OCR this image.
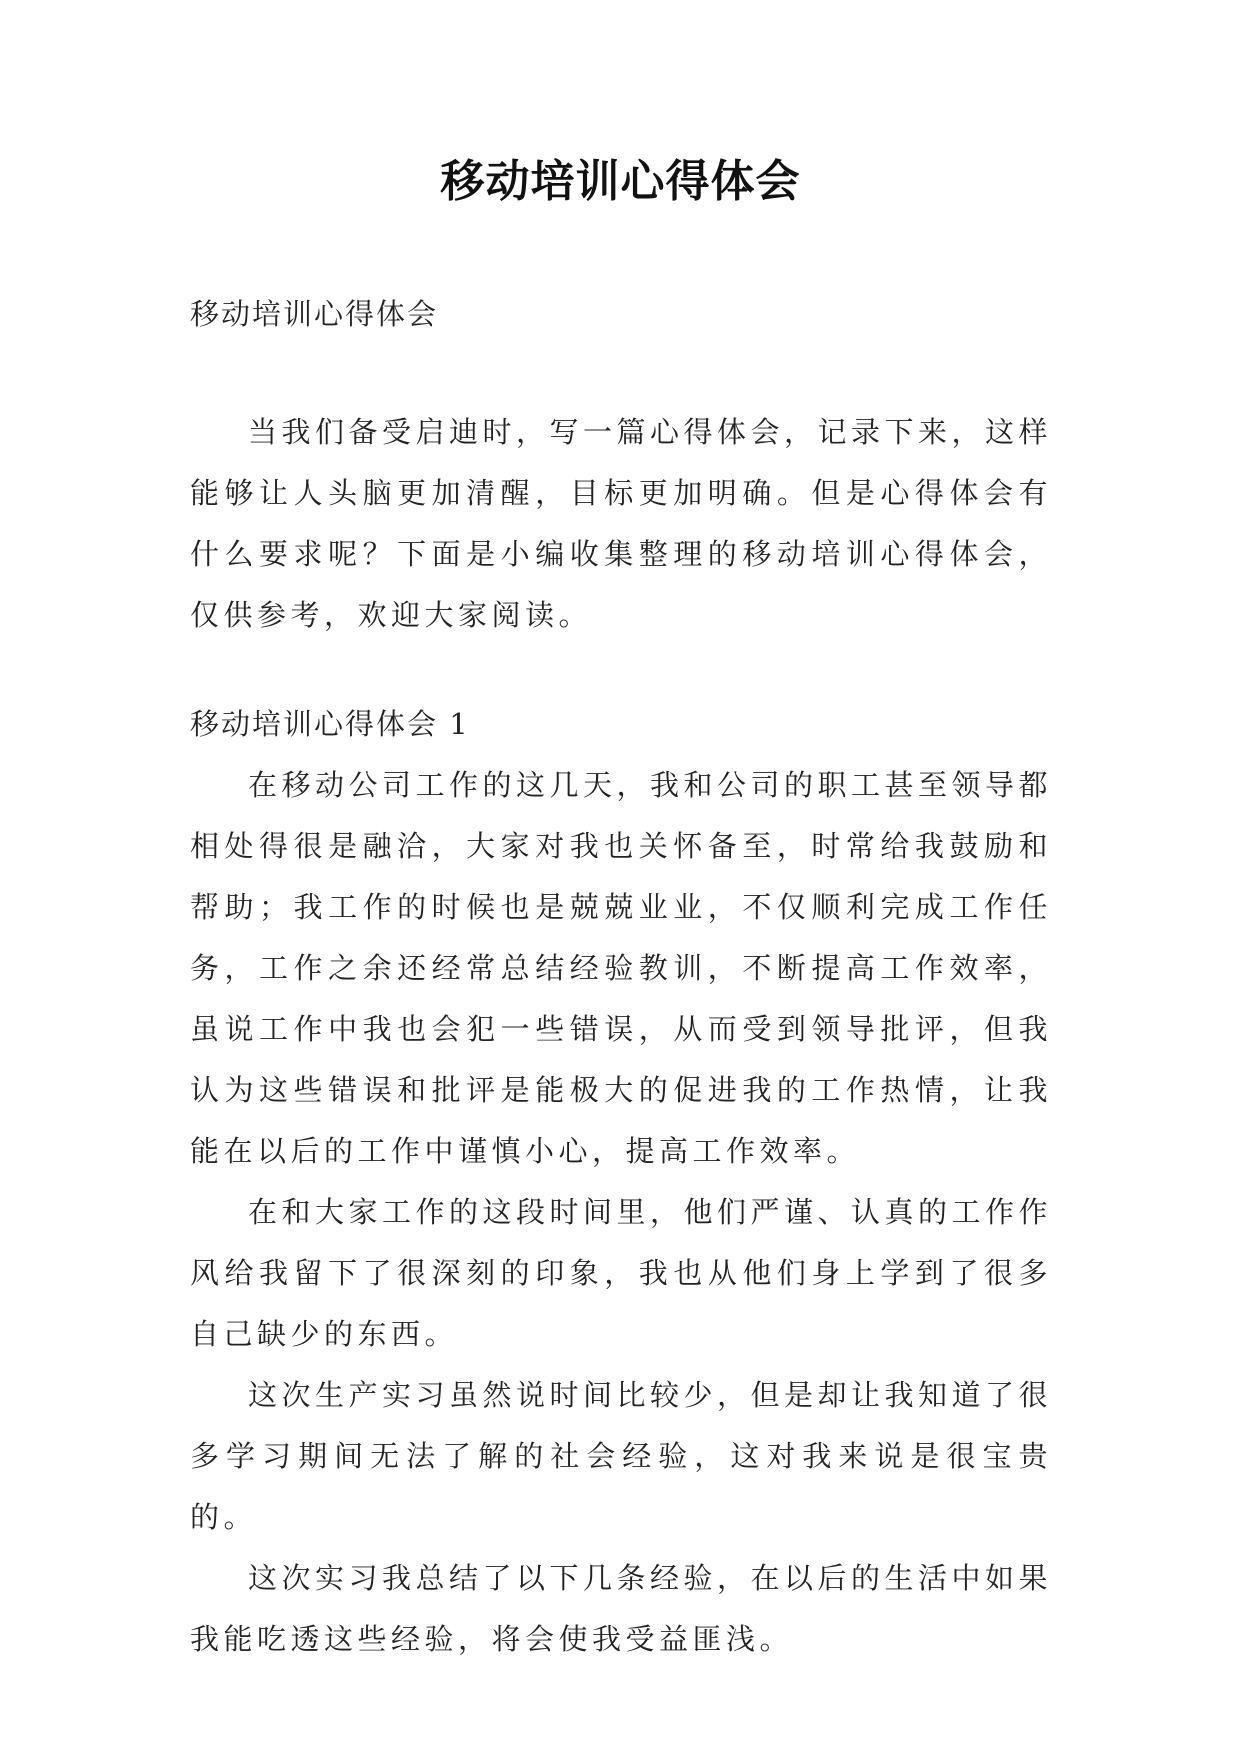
移动培训心得体会
移动培训心得体会

当我们备受启迪时，写一篇心得体会，记录下来，这样能够让人头脑更加清醒，目标更加明确。但是心得体会有什么要求呢？下面是小编收集整理的移动培训心得体会，仅供参考，欢迎大家阅读。

移动培训心得体会 1

在移动公司工作的这几天，我和公司的职工甚至领导都相处得很是融洽，大家对我也关怀备至，时常给我鼓励和帮助；我工作的时候也是兢兢业业，不仅顺利完成工作任务，工作之余还经常总结经验教训，不断提高工作效率，虽说工作中我也会犯一些错误，从而受到领导批评，但我认为这些错误和批评是能极大的促进我的工作热情，让我能在以后的工作中谨慎小心，提高工作效率。

在和大家工作的这段时间里，他们严谨、认真的工作作风给我留下了很深刻的印象，我也从他们身上学到了很多自己缺少的东西。

这次生产实习虽然说时间比较少，但是却让我知道了很多学习期间无法了解的社会经验，这对我来说是很宝贵的。

这次实习我总结了以下几条经验，在以后的生活中如果我能吃透这些经验，将会使我受益匪浅。
